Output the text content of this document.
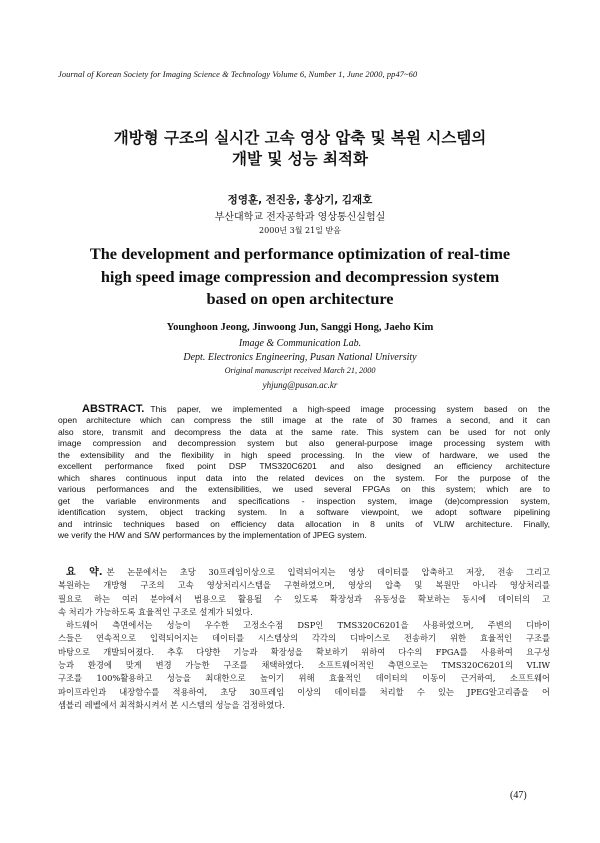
Journal of Korean Society for Imaging Science & Technology Volume 6, Number 1, June 2000, pp47~60
개방형 구조의 실시간 고속 영상 압축 및 복원 시스템의
개발 및 성능 최적화
정영훈, 전진웅, 홍상기, 김재호
부산대학교 전자공학과 영상통신실험실
2000년 3월 21일 받음
The development and performance optimization of real-time
high speed image compression and decompression system
based on open architecture
Younghoon Jeong, Jinwoong Jun, Sanggi Hong, Jaeho Kim
Image & Communication Lab.
Dept. Electronics Engineering, Pusan National University
Original manuscript received March 21, 2000
yhjung@pusan.ac.kr
ABSTRACT. This paper, we implemented a high-speed image processing system based on the
open architecture which can compress the still image at the rate of 30 frames a second, and it can
also store, transmit and decompress the data at the same rate. This system can be used for not only
image compression and decompression system but also general-purpose image processing system with
the extensibility and the flexibility in high speed processing. In the view of hardware, we used the
excellent performance fixed point DSP TMS320C6201 and also designed an efficiency architecture
which shares continuous input data into the related devices on the system. For the purpose of the
various performances and the extensibilities, we used several FPGAs on this system; which are to
get the variable environments and specifications - inspection system, image (de)compression system,
identification system, object tracking system. In a software viewpoint, we adopt software pipelining
and intrinsic techniques based on efficiency data allocation in 8 units of VLIW architecture. Finally,
we verify the H/W and S/W performances by the implementation of JPEG system.
요 약. 본 논문에서는 초당 30프레임이상으로 입력되어지는 영상 데이터를 압축하고 저장, 전송 그리고
복원하는 개방형 구조의 고속 영상처리시스템을 구현하였으며, 영상의 압축 및 복원만 아니라 영상처리를
필요로 하는 여러 분야에서 범용으로 활용될 수 있도록 확장성과 유동성을 확보하는 동시에 데이터의 고
속 처리가 가능하도록 효율적인 구조로 설계가 되었다.
하드웨어 측면에서는 성능이 우수한 고정소수점 DSP인 TMS320C6201을 사용하였으며, 주변의 디바이
스들은 연속적으로 입력되어지는 데이터를 시스템상의 각각의 디바이스로 전송하기 위한 효율적인 구조를
바탕으로 개발되어졌다. 추후 다양한 기능과 확장성을 확보하기 위하여 다수의 FPGA를 사용하여 요구성
능과 환경에 맞게 변경 가능한 구조를 채택하였다. 소프트웨어적인 측면으로는 TMS320C6201의 VLIW
구조를 100%활용하고 성능을 최대한으로 높이기 위해 효율적인 데이터의 이동이 근거하여, 소프트웨어
파이프라인과 내장함수를 적용하여, 초당 30프레임 이상의 데이터를 처리할 수 있는 JPEG알고리즘을 어
셈블리 레벨에서 최적화시켜서 본 시스템의 성능을 검정하였다.
(47)
